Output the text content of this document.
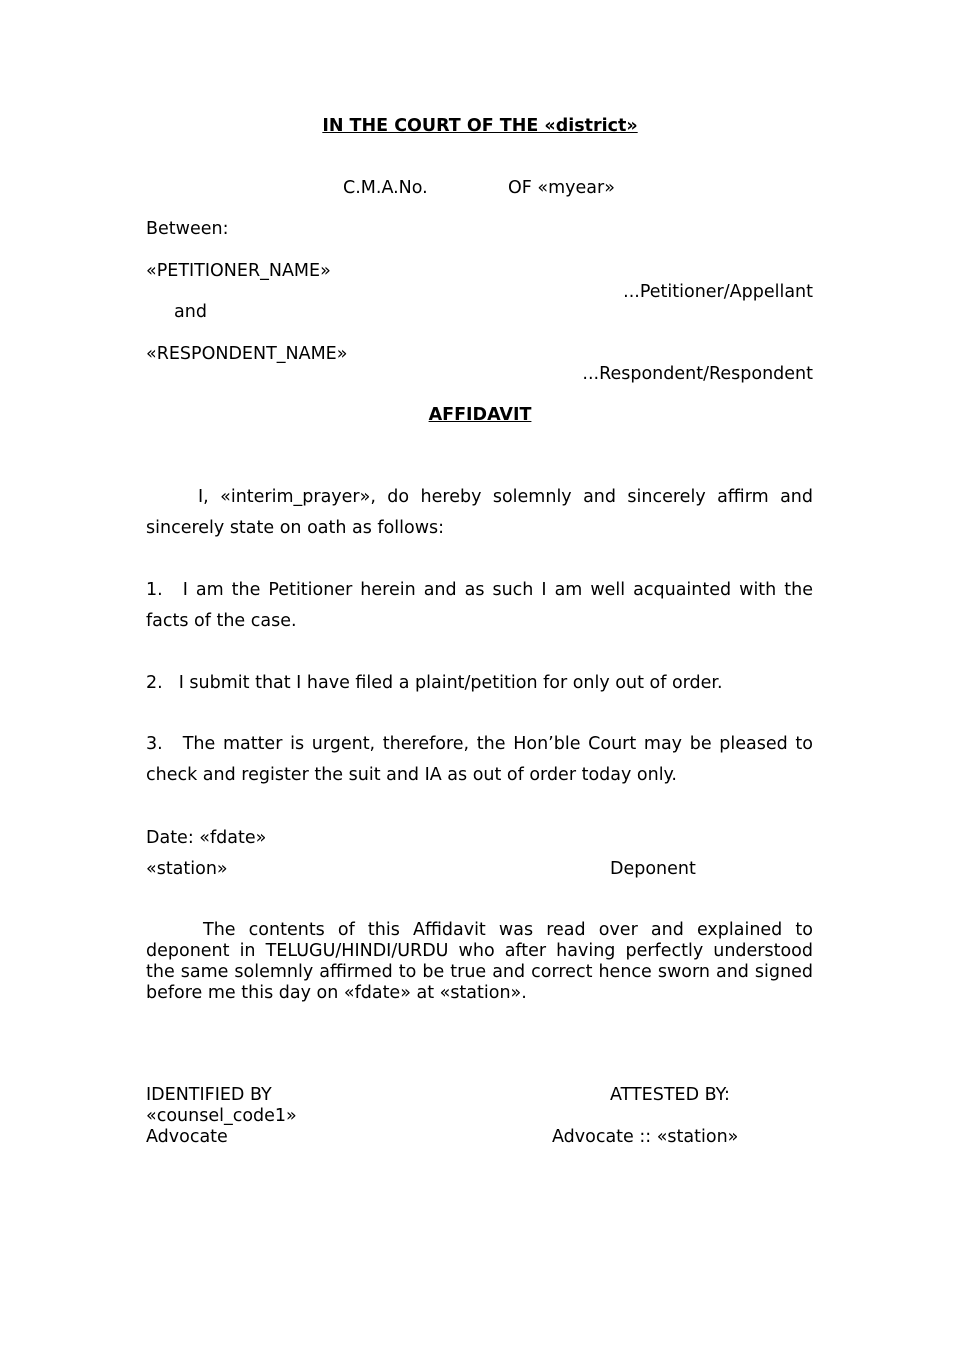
IN THE COURT OF THE «district»
C.M.A.No.	OF «myear»
Between:
«PETITIONER_NAME»
...Petitioner/Appellant
and
«RESPONDENT_NAME»
...Respondent/Respondent
AFFIDAVIT
I, «interim_prayer», do hereby solemnly and sincerely affirm and sincerely state on oath as follows:
1. I am the Petitioner herein and as such I am well acquainted with the facts of the case.
2. I submit that I have filed a plaint/petition for only out of order.
3. The matter is urgent, therefore, the Hon’ble Court may be pleased to check and register the suit and IA as out of order today only.
Date: «fdate»
«station»	Deponent
The contents of this Affidavit was read over and explained to deponent in TELUGU/HINDI/URDU who after having perfectly understood the same solemnly affirmed to be true and correct hence sworn and signed before me this day on «fdate» at «station».
IDENTIFIED BY	ATTESTED BY:
«counsel_code1»
Advocate	Advocate :: «station»
